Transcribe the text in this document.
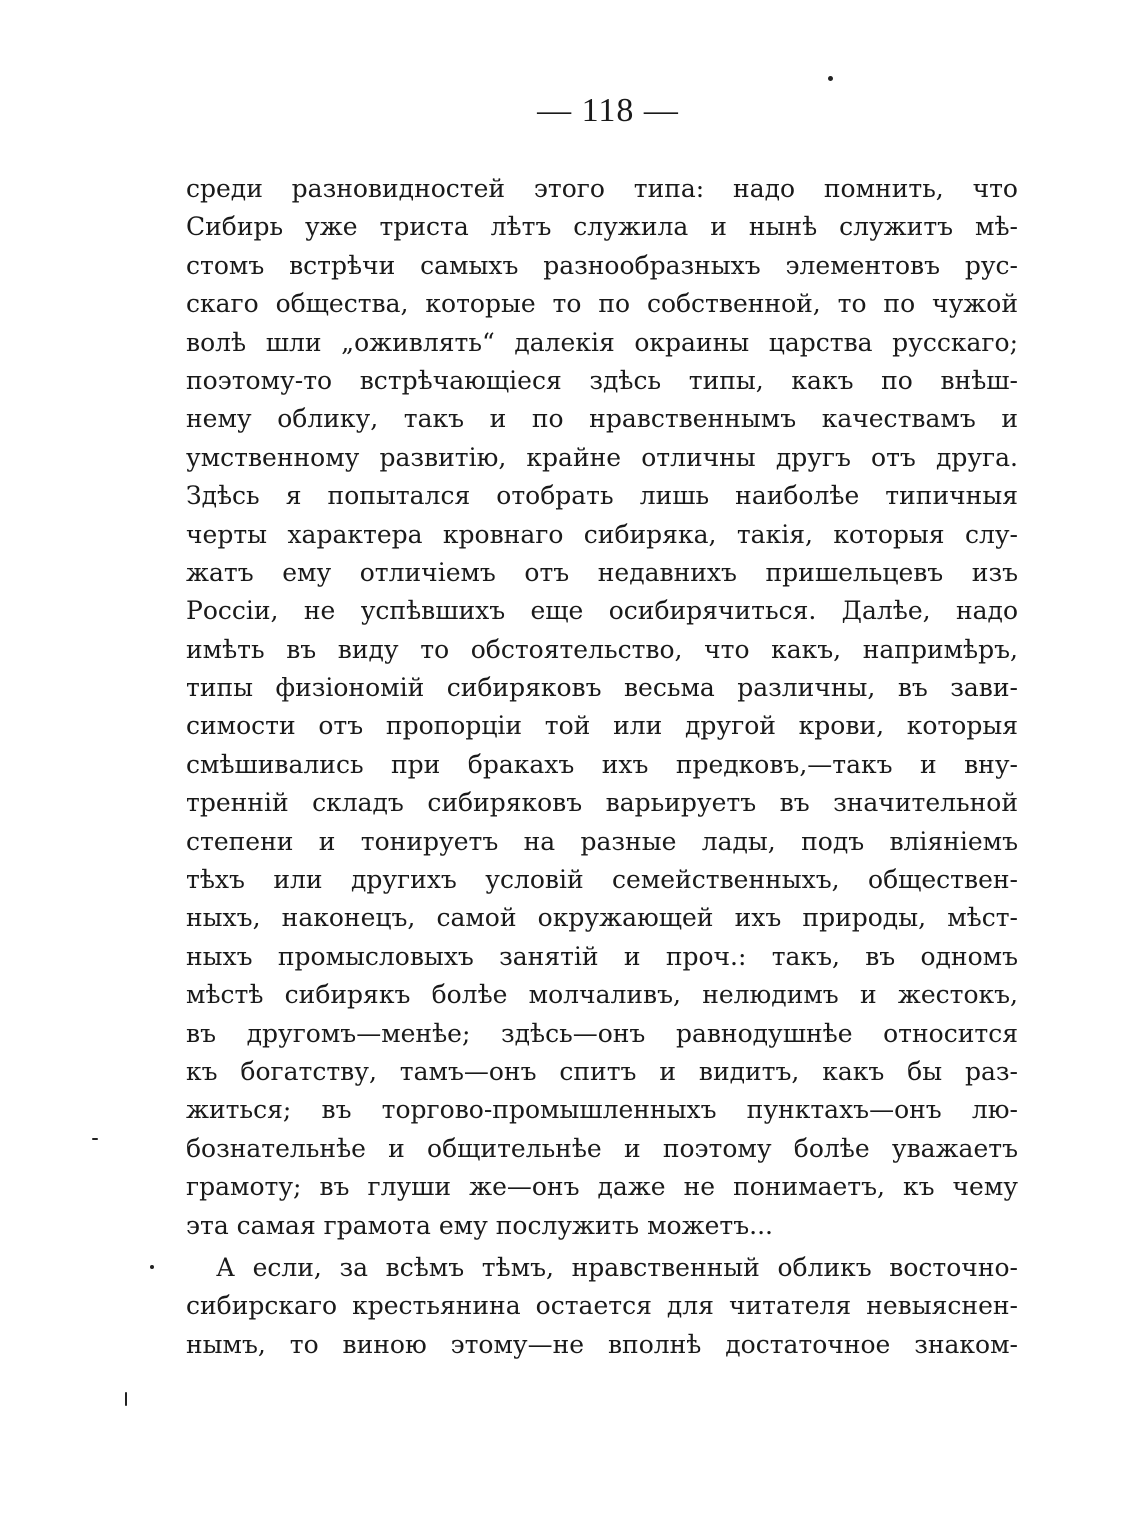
— 118 —
среди разновидностей этого типа: надо помнить, что
Сибирь уже триста лѣтъ служила и нынѣ служитъ мѣ-
стомъ встрѣчи самыхъ разнообразныхъ элементовъ рус-
скаго общества, которые то по собственной, то по чужой
волѣ шли „оживлять“ далекія окраины царства русскаго;
поэтому-то встрѣчающіеся здѣсь типы, какъ по внѣш-
нему облику, такъ и по нравственнымъ качествамъ и
умственному развитію, крайне отличны другъ отъ друга.
Здѣсь я попытался отобрать лишь наиболѣе типичныя
черты характера кровнаго сибиряка, такія, которыя слу-
жатъ ему отличіемъ отъ недавнихъ пришельцевъ изъ
Россіи, не успѣвшихъ еще осибирячиться. Далѣе, надо
имѣть въ виду то обстоятельство, что какъ, напримѣръ,
типы физіономій сибиряковъ весьма различны, въ зави-
симости отъ пропорціи той или другой крови, которыя
смѣшивались при бракахъ ихъ предковъ,—такъ и вну-
тренній складъ сибиряковъ варьируетъ въ значительной
степени и тонируетъ на разные лады, подъ вліяніемъ
тѣхъ или другихъ условій семейственныхъ, обществен-
ныхъ, наконецъ, самой окружающей ихъ природы, мѣст-
ныхъ промысловыхъ занятій и проч.: такъ, въ одномъ
мѣстѣ сибирякъ болѣе молчаливъ, нелюдимъ и жестокъ,
въ другомъ—менѣе; здѣсь—онъ равнодушнѣе относится
къ богатству, тамъ—онъ спитъ и видитъ, какъ бы раз-
житься; въ торгово-промышленныхъ пунктахъ—онъ лю-
бознательнѣе и общительнѣе и поэтому болѣе уважаетъ
грамоту; въ глуши же—онъ даже не понимаетъ, къ чему
эта самая грамота ему послужить можетъ...
А если, за всѣмъ тѣмъ, нравственный обликъ восточно-
сибирскаго крестьянина остается для читателя невыяснен-
нымъ, то виною этому—не вполнѣ достаточное знаком-
